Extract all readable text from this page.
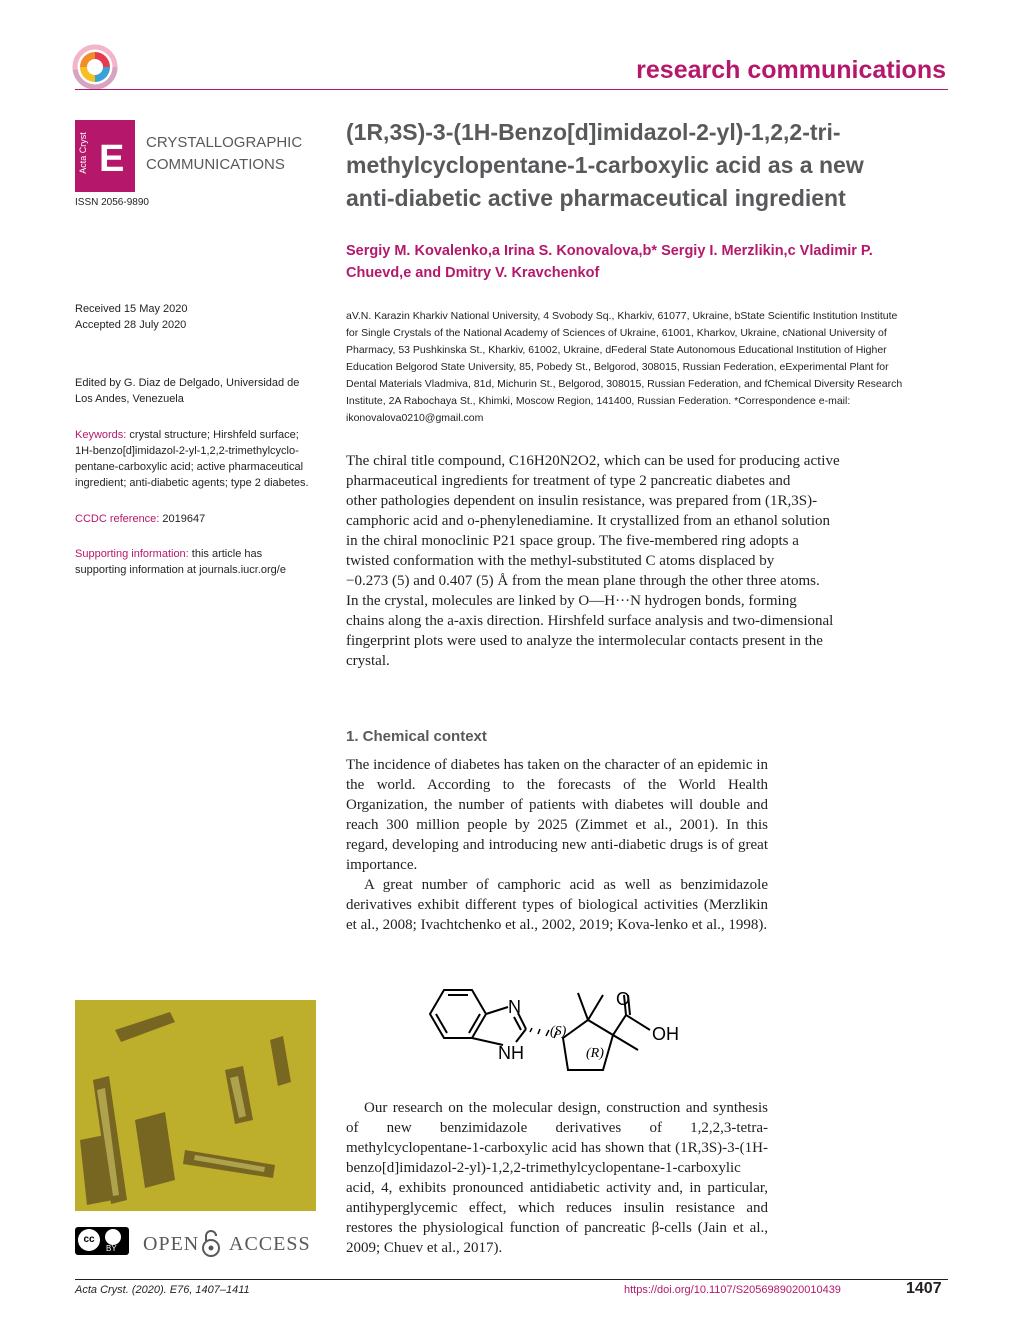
research communications
Acta Cryst E CRYSTALLOGRAPHIC
COMMUNICATIONS
ISSN 2056-9890
(1R,3S)-3-(1H-Benzo[d]imidazol-2-yl)-1,2,2-tri-
methylcyclopentane-1-carboxylic acid as a new
anti-diabetic active pharmaceutical ingredient
Sergiy M. Kovalenko,a Irina S. Konovalova,b* Sergiy I. Merzlikin,c Vladimir P.
Chuevd,e and Dmitry V. Kravchenkof
aV.N. Karazin Kharkiv National University, 4 Svobody Sq., Kharkiv, 61077, Ukraine, bState Scientific Institution Institute
for Single Crystals of the National Academy of Sciences of Ukraine, 61001, Kharkov, Ukraine, cNational University of
Pharmacy, 53 Pushkinska St., Kharkiv, 61002, Ukraine, dFederal State Autonomous Educational Institution of Higher
Education Belgorod State University, 85, Pobedy St., Belgorod, 308015, Russian Federation, eExperimental Plant for
Dental Materials Vladmiva, 81d, Michurin St., Belgorod, 308015, Russian Federation, and fChemical Diversity Research
Institute, 2A Rabochaya St., Khimki, Moscow Region, 141400, Russian Federation. *Correspondence e-mail:
ikonovalova0210@gmail.com
Received 15 May 2020
Accepted 28 July 2020
Edited by G. Diaz de Delgado, Universidad de
Los Andes, Venezuela
Keywords: crystal structure; Hirshfeld surface;
1H-benzo[d]imidazol-2-yl-1,2,2-trimethylcyclo-
pentane-carboxylic acid; active pharmaceutical
ingredient; anti-diabetic agents; type 2 diabetes.
CCDC reference: 2019647
Supporting information: this article has
supporting information at journals.iucr.org/e
The chiral title compound, C16H20N2O2, which can be used for producing active
pharmaceutical ingredients for treatment of type 2 pancreatic diabetes and
other pathologies dependent on insulin resistance, was prepared from (1R,3S)-
camphoric acid and o-phenylenediamine. It crystallized from an ethanol solution
in the chiral monoclinic P21 space group. The five-membered ring adopts a
twisted conformation with the methyl-substituted C atoms displaced by
−0.273 (5) and 0.407 (5) Å from the mean plane through the other three atoms.
In the crystal, molecules are linked by O—H···N hydrogen bonds, forming
chains along the a-axis direction. Hirshfeld surface analysis and two-dimensional
fingerprint plots were used to analyze the intermolecular contacts present in the
crystal.
1. Chemical context

The incidence of diabetes has taken on the character of an epidemic in the world. According to the forecasts of the World Health Organization, the number of patients with diabetes will double and reach 300 million people by 2025 (Zimmet et al., 2001). In this regard, developing and introducing new anti-diabetic drugs is of great importance.

A great number of camphoric acid as well as benzimidazole derivatives exhibit different types of biological activities (Merzlikin et al., 2008; Ivachtchenko et al., 2002, 2019; Kova-lenko et al., 1998).

N
NH
O
OH
(S)
(R)

Our research on the molecular design, construction and synthesis of new benzimidazole derivatives of 1,2,2,3-tetra-methylcyclopentane-1-carboxylic acid has shown that (1R,3S)-3-(1H-benzo[d]imidazol-2-yl)-1,2,2-trimethylcyclopentane-1-carboxylic acid, 4, exhibits pronounced antidiabetic activity and, in particular, antihyperglycemic effect, which reduces insulin resistance and restores the physiological function of pancreatic β-cells (Jain et al., 2009; Chuev et al., 2017).

cc
BY OPEN ACCESS
Acta Cryst. (2020). E76, 1407–1411	https://doi.org/10.1107/S2056989020010439	1407
